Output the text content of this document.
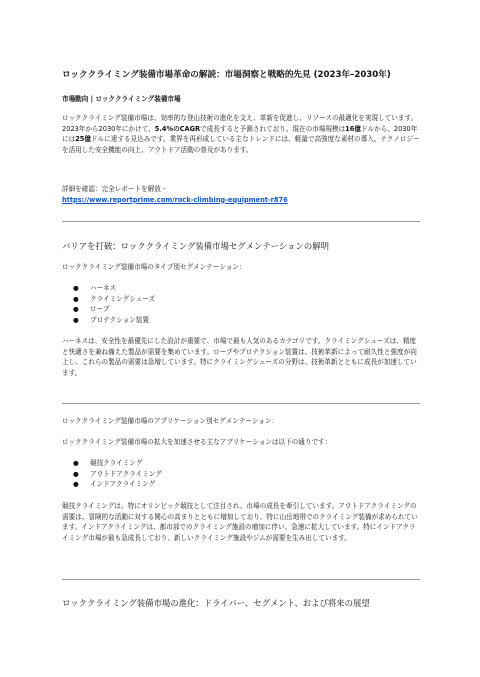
ロッククライミング装備市場革命の解読：市場洞察と戦略的先見 (2023年–2030年)
市場動向 | ロッククライミング装備市場
ロッククライミング装備市場は、効率的な登山技術の進化を支え、革新を促進し、リソースの最適化を実現しています。2023年から2030年にかけて、5.4%のCAGRで成長すると予測されており、現在の市場規模は16億ドルから、2030年には25億ドルに達する見込みです。業界を再形成している主なトレンドには、軽量で高強度な素材の導入、テクノロジーを活用した安全機能の向上、アウトドア活動の普及があります。
詳細を確認：完全レポートを解放 -
https://www.reportprime.com/rock-climbing-equipment-r876
バリアを打破：ロッククライミング装備市場セグメンテーションの解明
ロッククライミング装備市場のタイプ別セグメンテーション：
● ハーネス
● クライミングシューズ
● ロープ
● プロテクション装置
ハーネスは、安全性を最優先にした設計が重要で、市場で最も人気のあるカテゴリです。クライミングシューズは、精度と快適さを兼ね備えた製品が需要を集めています。ロープやプロテクション装置は、技術革新によって耐久性と強度が向上し、これらの製品の需要は急増しています。特にクライミングシューズの分野は、技術革新とともに成長が加速しています。
ロッククライミング装備市場のアプリケーション別セグメンテーション：
ロッククライミング装備市場の拡大を加速させる主なアプリケーションは以下の通りです：
● 競技クライミング
● アウトドアクライミング
● インドアクライミング
競技クライミングは、特にオリンピック競技として注目され、市場の成長を牽引しています。アウトドアクライミングの需要は、冒険的な活動に対する関心の高まりとともに増加しており、特に山岳地帯でのクライミング装備が求められています。インドアクライミングは、都市部でのクライミング施設の増加に伴い、急速に拡大しています。特にインドアクライミング市場が最も急成長しており、新しいクライミング施設やジムが需要を生み出しています。
ロッククライミング装備市場の進化：ドライバー、セグメント、および将来の展望
